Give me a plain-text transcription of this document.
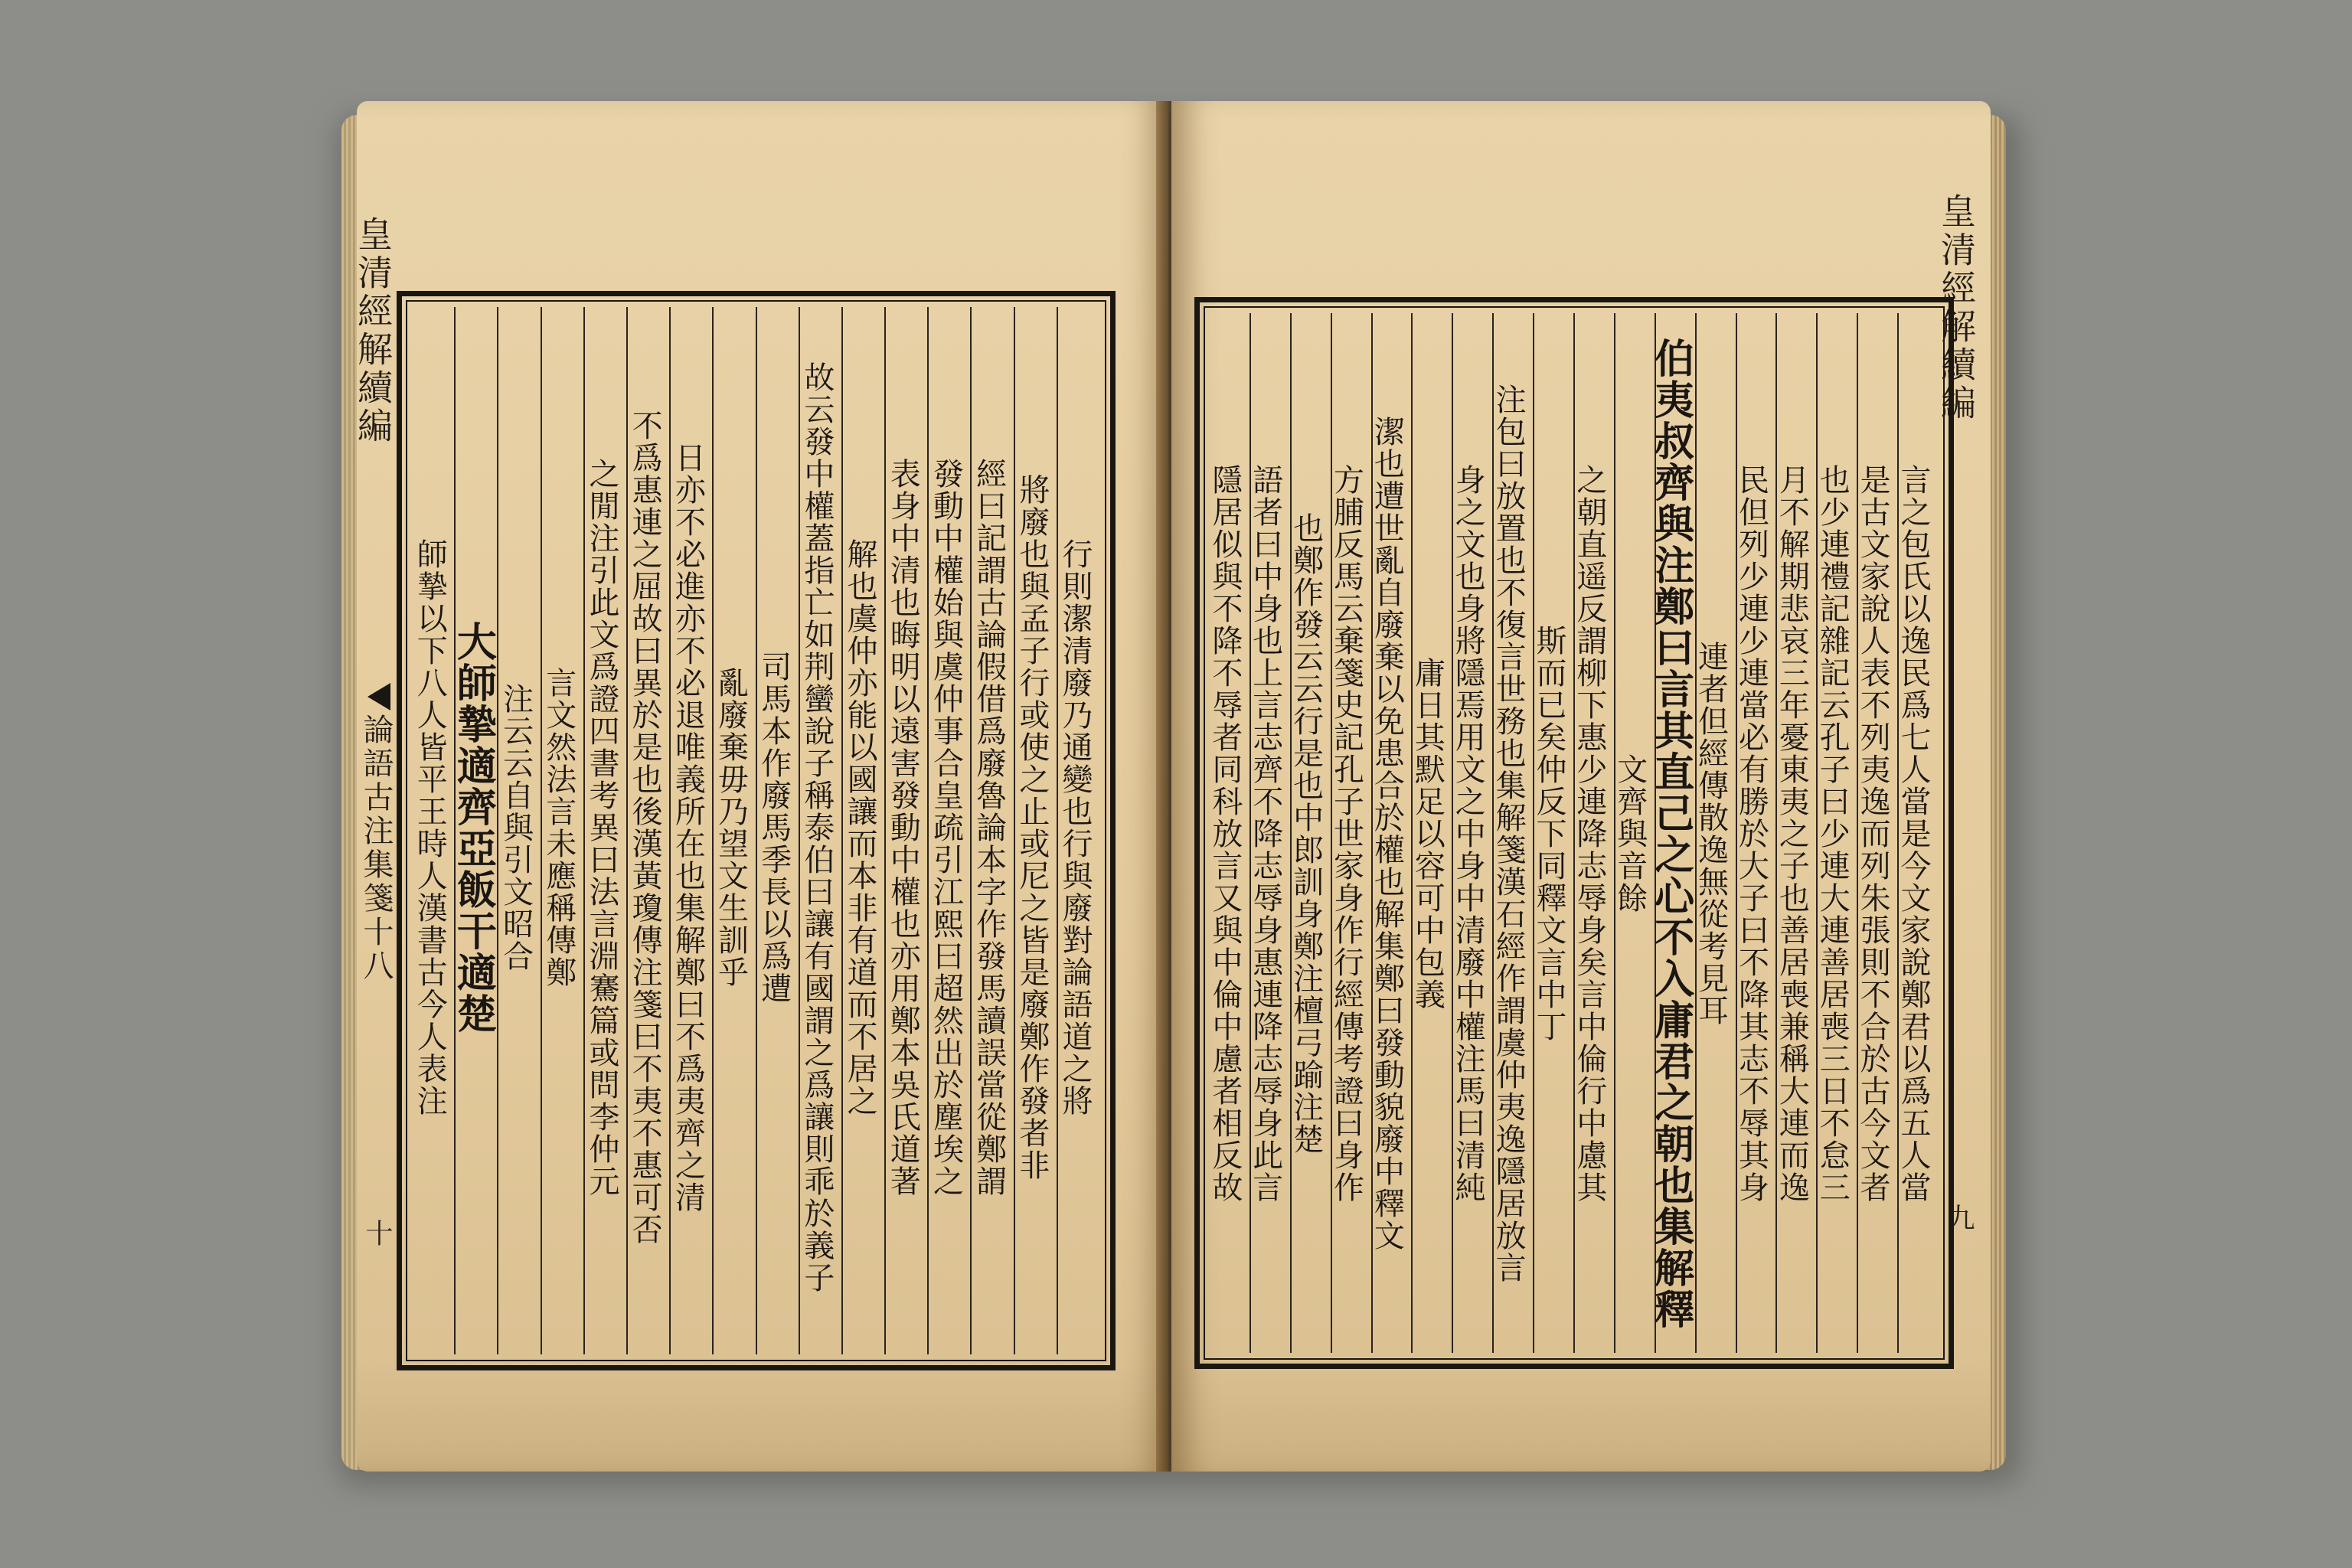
皇清經解續編
論語古注集箋十八
十
行則潔清廢乃通變也行與廢對論語道之將
將廢也與孟子行或使之止或尼之皆是廢鄭作發者非
經曰記謂古論假借爲廢魯論本字作發馬讀誤當從鄭謂
發動中權始與虞仲事合皇疏引江熙曰超然出於塵埃之
表身中清也晦明以遠害發動中權也亦用鄭本吳氏道著
解也虞仲亦能以國讓而本非有道而不居之
故云發中權蓋指亡如荆蠻說子稱泰伯曰讓有國謂之爲讓則乖於義子
司馬本作廢馬季長以爲遭
亂廢棄毋乃望文生訓乎
日亦不必進亦不必退唯義所在也集解鄭曰不爲夷齊之清
不爲惠連之屈故曰異於是也後漢黃瓊傳注箋曰不夷不惠可否
之閒注引此文爲證四書考異曰法言淵騫篇或問李仲元
言文然法言未應稱傳鄭
注云云自與引文昭合
大師摯適齊亞飯干適楚
師摯以下八人皆平王時人漢書古今人表注
皇清經解續編
九
言之包氏以逸民爲七人當是今文家說鄭君以爲五人當
是古文家說人表不列夷逸而列朱張則不合於古今文者
也少連禮記雜記云孔子曰少連大連善居喪三日不怠三
月不解期悲哀三年憂東夷之子也善居喪兼稱大連而逸
民但列少連少連當必有勝於大子曰不降其志不辱其身
連者但經傳散逸無從考見耳
伯夷叔齊與注鄭曰言其直己之心不入庸君之朝也集解釋
文齊與音餘
之朝直遥反謂柳下惠少連降志辱身矣言中倫行中慮其
斯而已矣仲反下同釋文言中丁
注包曰放置也不復言世務也集解箋漢石經作謂虞仲夷逸隱居放言
身之文也身將隱焉用文之中身中清廢中權注馬曰清純
庸日其默足以容可中包義
潔也遭世亂自廢棄以免患合於權也解集鄭曰發動貌廢中釋文
方脯反馬云棄箋史記孔子世家身作行經傳考證曰身作
也鄭作發云云行是也中郎訓身鄭注檀弓踰注楚
語者曰中身也上言志齊不降志辱身惠連降志辱身此言
隱居似與不降不辱者同科放言又與中倫中慮者相反故
